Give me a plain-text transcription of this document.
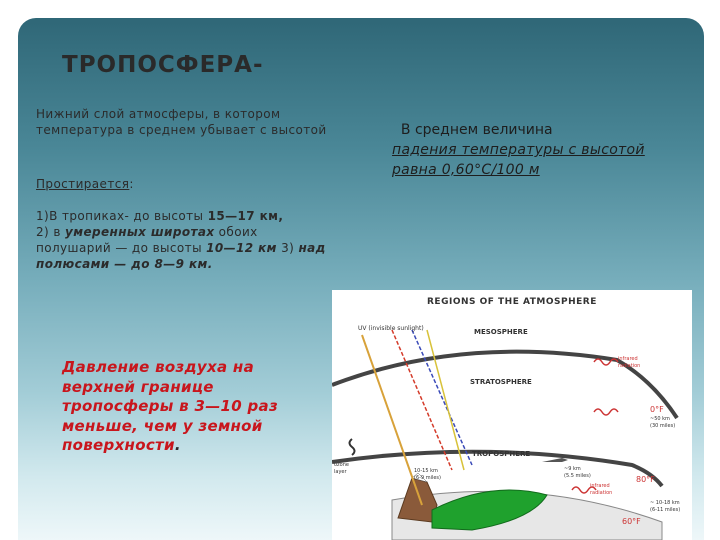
ТРОПОСФЕРА-

Нижний слой атмосферы, в котором температура в среднем убывает с высотой

Простирается:

1)В тропиках- до высоты 15—17 км,
2) в умеренных широтах обоих полушарий — до высоты 10—12 км 3) над полюсами — до 8—9 км.

В среднем величина
падения температуры с высотой равна 0,60°C/100 м
Давление воздуха на верхней границе тропосферы в 3—10 раз меньше, чем у земной поверхности.
REGIONS OF THE ATMOSPHERE
MESOSPHERE
STRATOSPHERE
TROPOSPHERE
UV (invisible sunlight)
infrared
radiation
0°F
~50 km
(30 miles)
ozone
layer	10-15 km
(6-9 miles)
~9 km
(5.5 miles)
infrared
radiation
80°F
~ 10-18 km
(6-11 miles)
60°F
